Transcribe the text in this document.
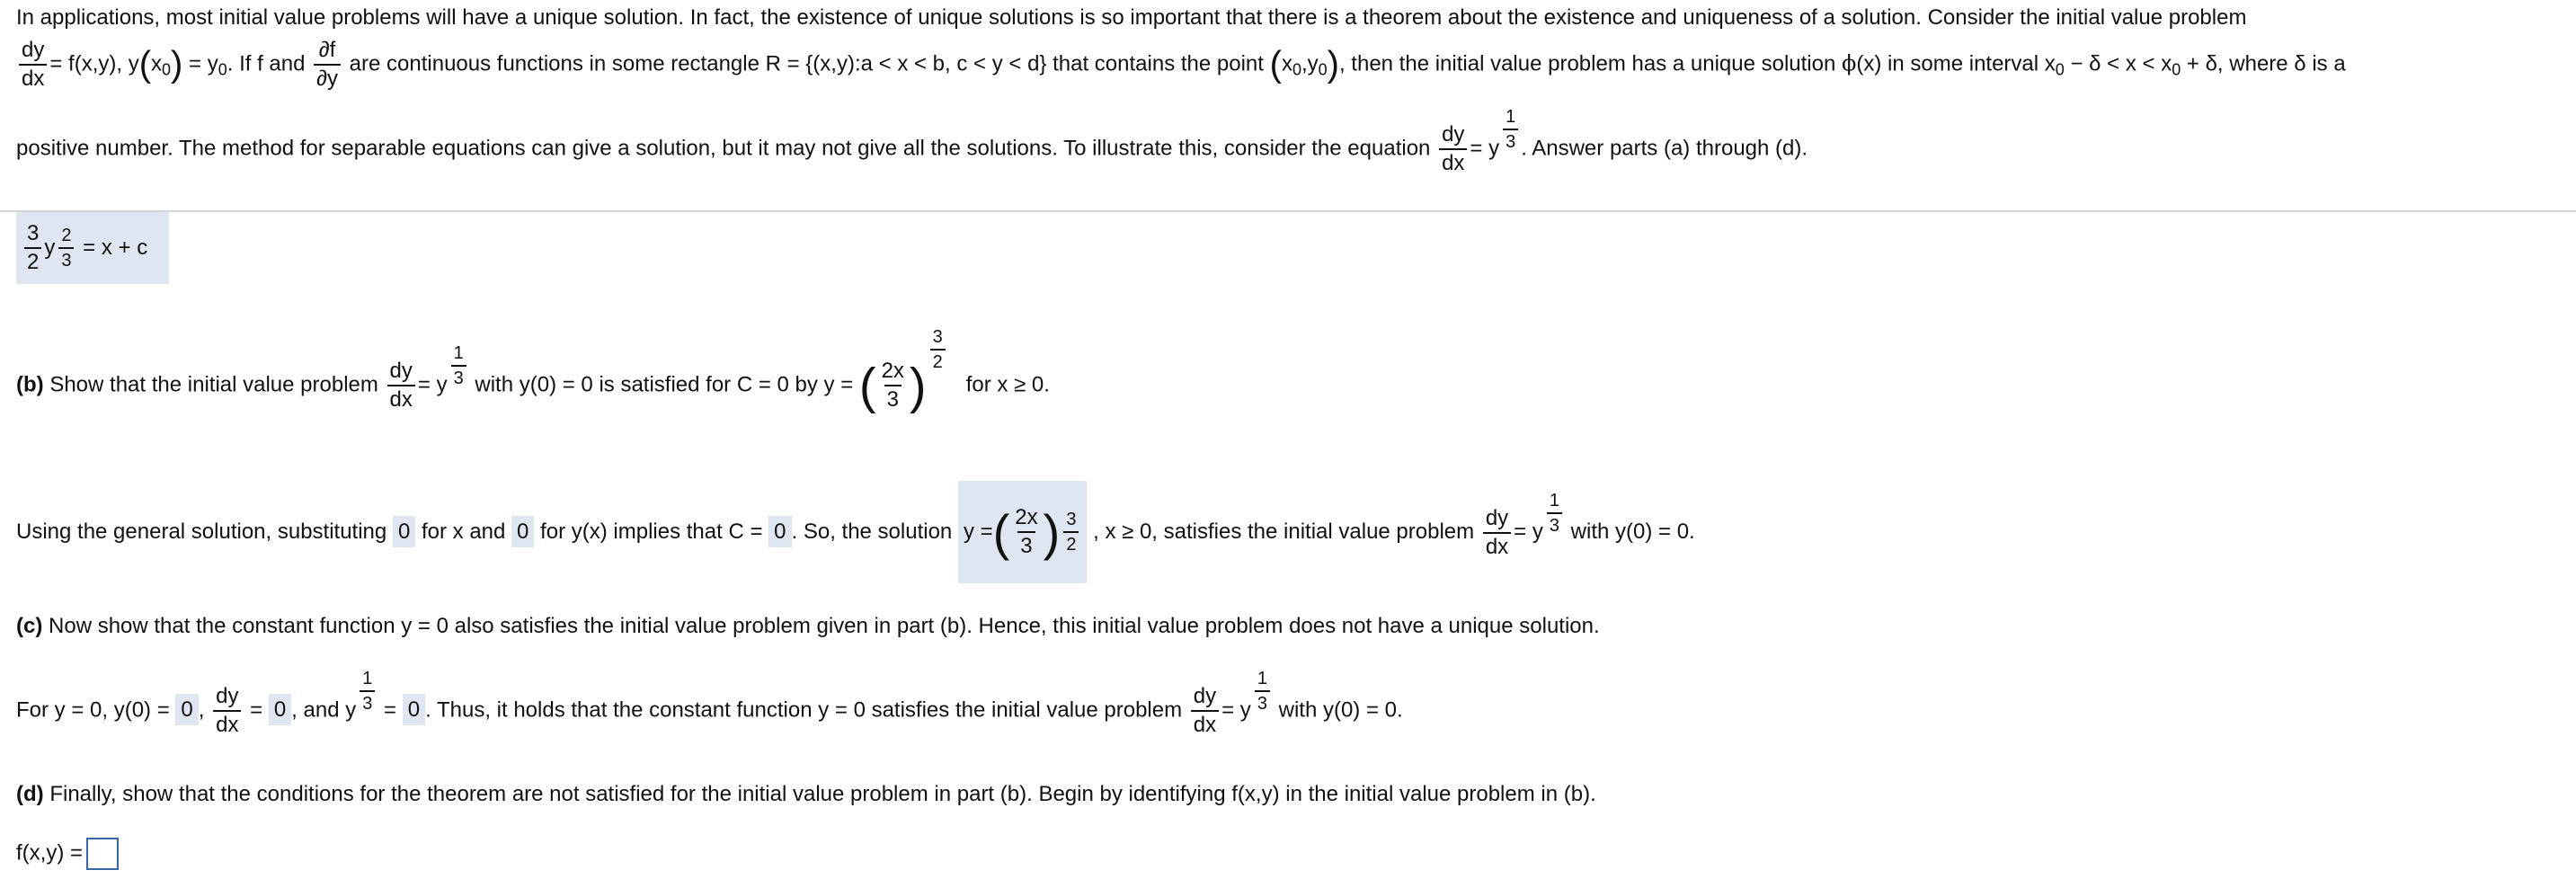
In applications, most initial value problems will have a unique solution. In fact, the existence of unique solutions is so important that there is a theorem about the existence and uniqueness of a solution. Consider the initial value problem
$\frac{dy}{dx} = f(x,y)$, $y(x_0) = y_0$. If f and $\frac{\partial f}{\partial y}$ are continuous functions in some rectangle R = {(x,y):a < x < b, c < y < d} that contains the point $(x_0,y_0)$, then the initial value problem has a unique solution ϕ(x) in some interval $x_0 - \delta < x < x_0 + \delta$, where δ is a
positive number. The method for separable equations can give a solution, but it may not give all the solutions. To illustrate this, consider the equation $\frac{dy}{dx} = y \frac{1}{3}$ . Answer parts (a) through (d).
$\frac{3}{2}$ y $\frac{2}{3}$
= x + c
(b) Show that the initial value problem $\frac{dy}{dx} = y \frac{1}{3}$ with y(0) = 0 is satisfied for C = 0 by y = ( $\frac{2x}{3}$ )
$\frac{3}{2}$
for x ≥ 0.
Using the general solution, substituting 0 for x and 0 for y(x) implies that C = 0 . So, the solution y = ( $\frac{2x}{3}$ ) $\frac{3}{2}$ , x ≥ 0, satisfies the initial value problem $\frac{dy}{dx} = y \frac{1}{3}$ with y(0) = 0.
(c) Now show that the constant function y = 0 also satisfies the initial value problem given in part (b). Hence, this initial value problem does not have a unique solution.
For y = 0, y(0) = 0 , $\frac{dy}{dx} = 0$ , and y $\frac{1}{3} = 0$ . Thus, it holds that the constant function y = 0 satisfies the initial value problem $\frac{dy}{dx} = y \frac{1}{3}$ with y(0) = 0.
(d) Finally, show that the conditions for the theorem are not satisfied for the initial value problem in part (b). Begin by identifying f(x,y) in the initial value problem in (b).
f(x,y) =
